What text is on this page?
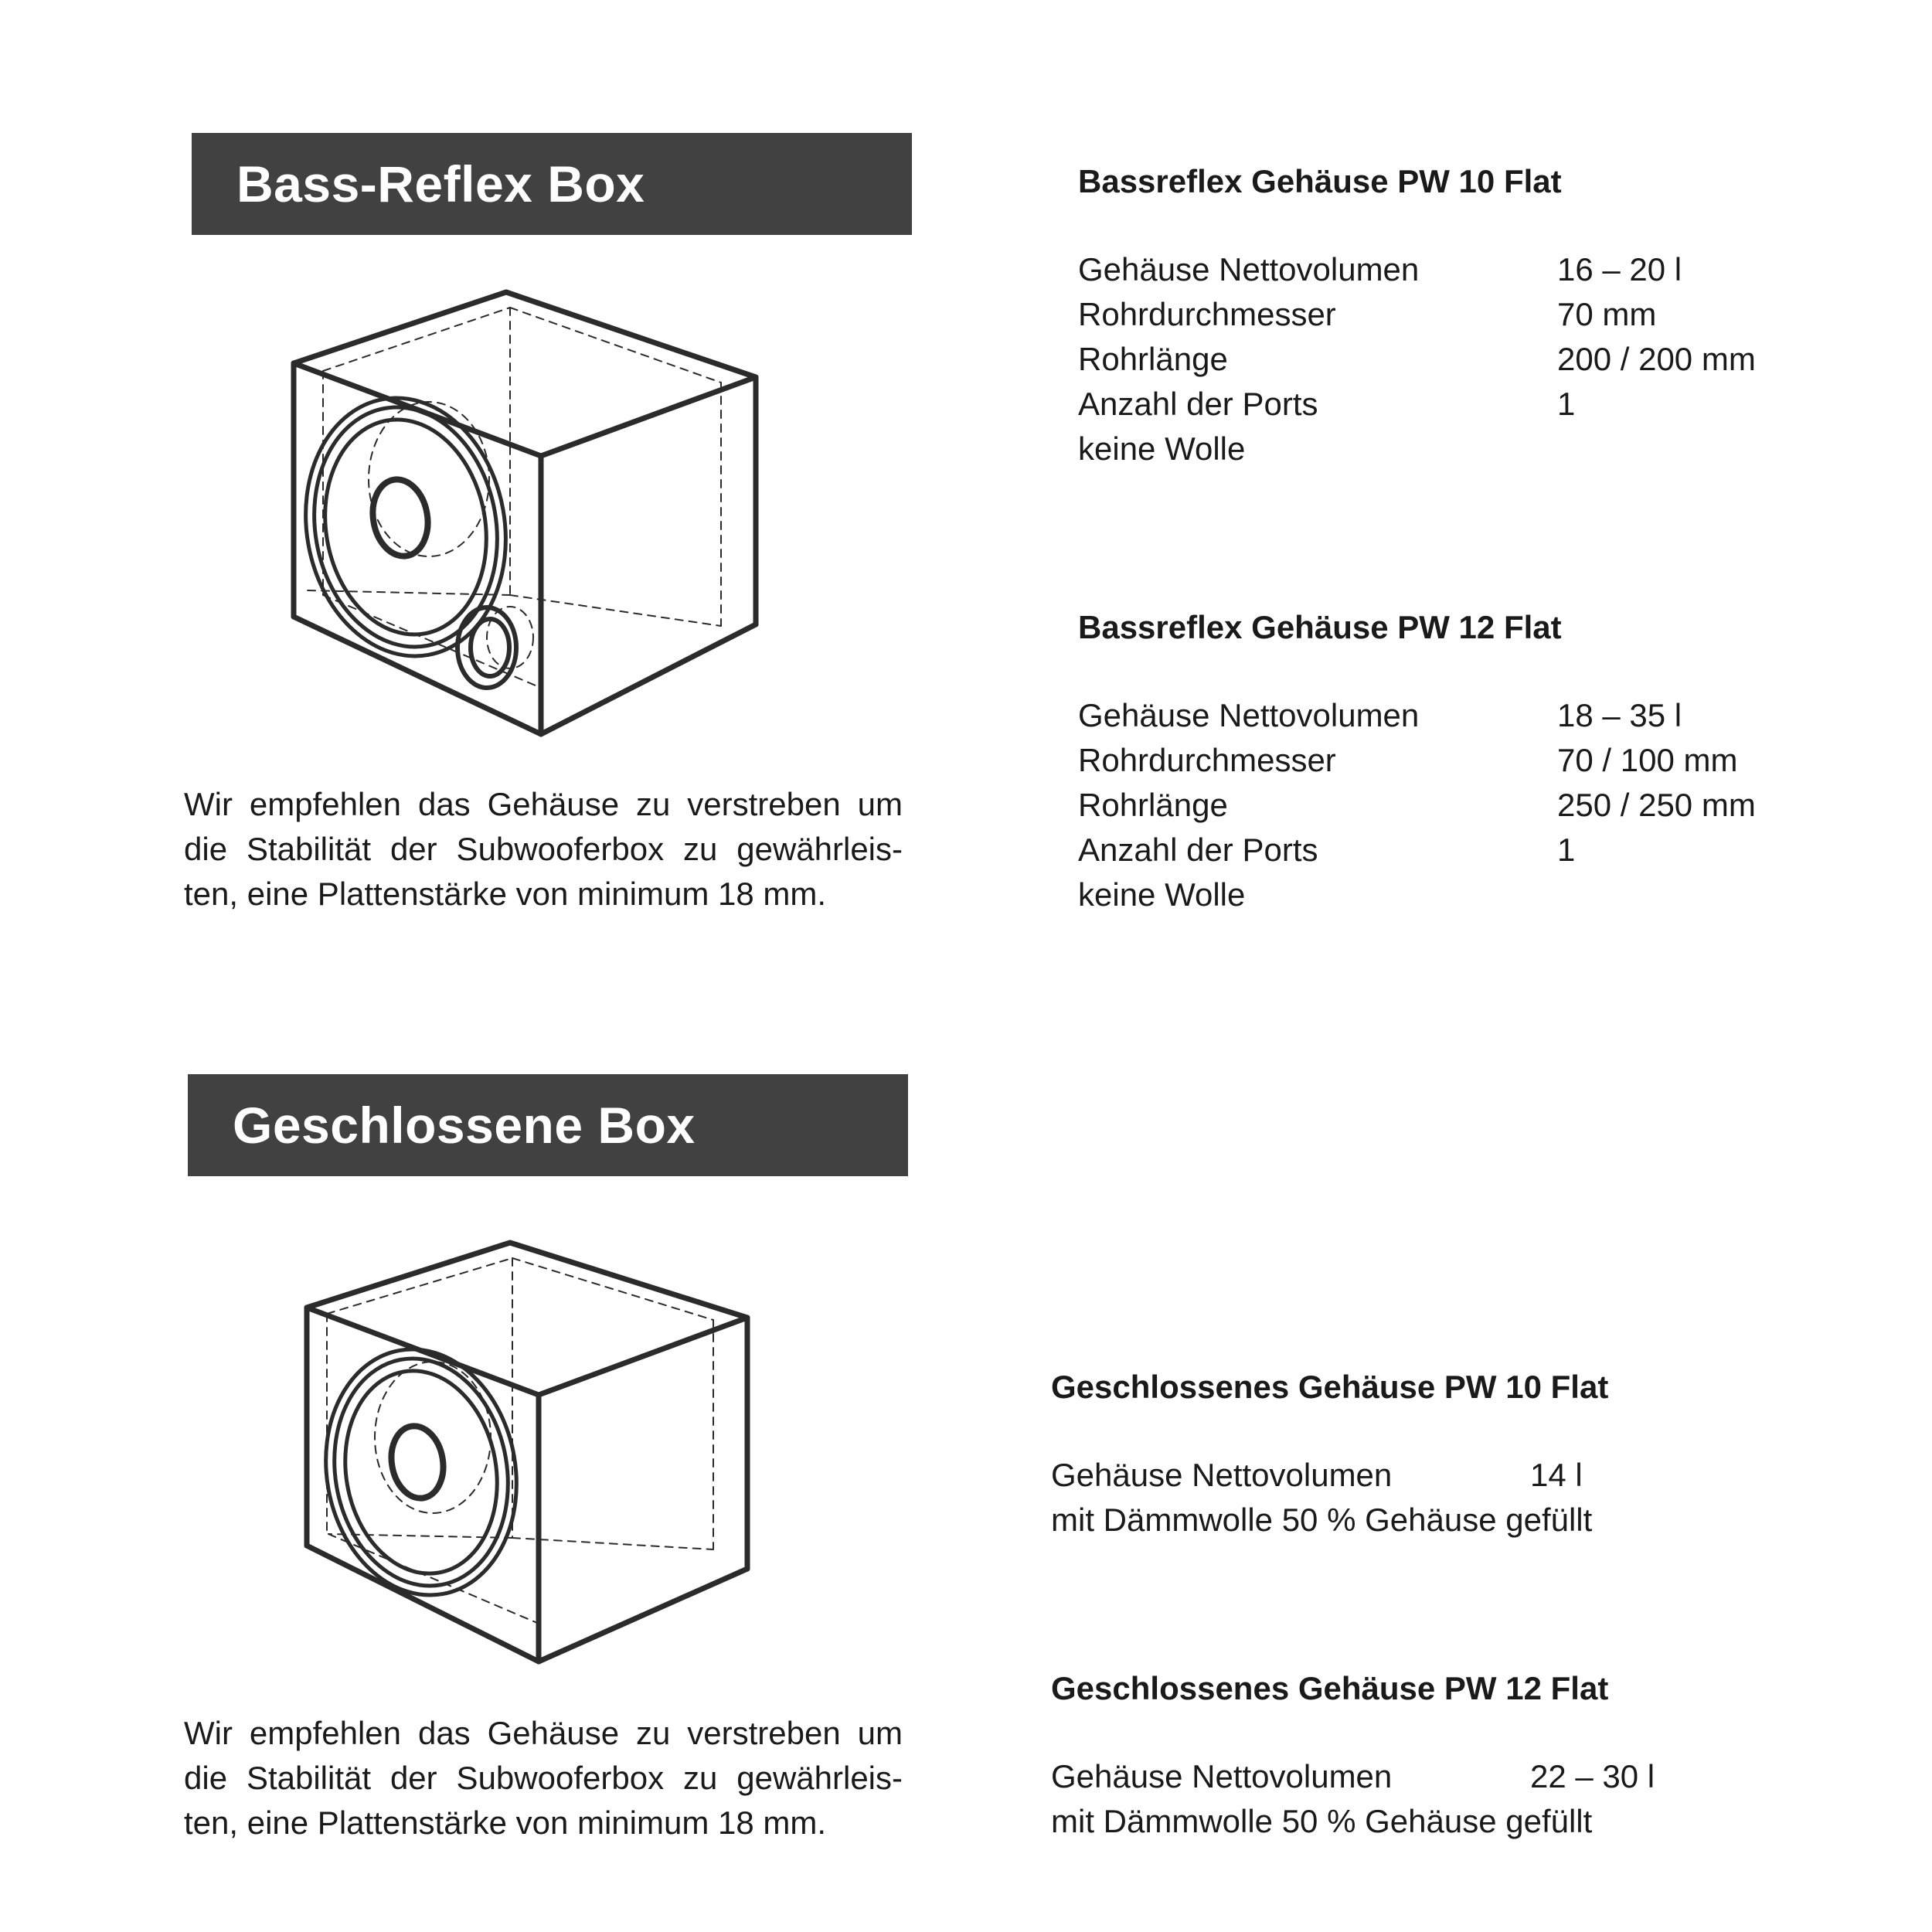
Bass-Reflex Box

Wir empfehlen das Gehäuse zu verstreben um die Stabilität der Subwooferbox zu gewährleis-ten, eine Plattenstärke von minimum 18 mm.

Bassreflex Gehäuse PW 10 Flat
Gehäuse Nettovolumen	16 – 20 l
Rohrdurchmesser	70 mm
Rohrlänge	200 / 200 mm
Anzahl der Ports	1
keine Wolle
Bassreflex Gehäuse PW 12 Flat
Gehäuse Nettovolumen	18 – 35 l
Rohrdurchmesser	70 / 100 mm
Rohrlänge	250 / 250 mm
Anzahl der Ports	1
keine Wolle
Geschlossene Box

Wir empfehlen das Gehäuse zu verstreben um die Stabilität der Subwooferbox zu gewährleis-ten, eine Plattenstärke von minimum 18 mm.

Geschlossenes Gehäuse PW 10 Flat
Gehäuse Nettovolumen	14 l
mit Dämmwolle 50 % Gehäuse gefüllt
Geschlossenes Gehäuse PW 12 Flat
Gehäuse Nettovolumen	22 – 30 l
mit Dämmwolle 50 % Gehäuse gefüllt
